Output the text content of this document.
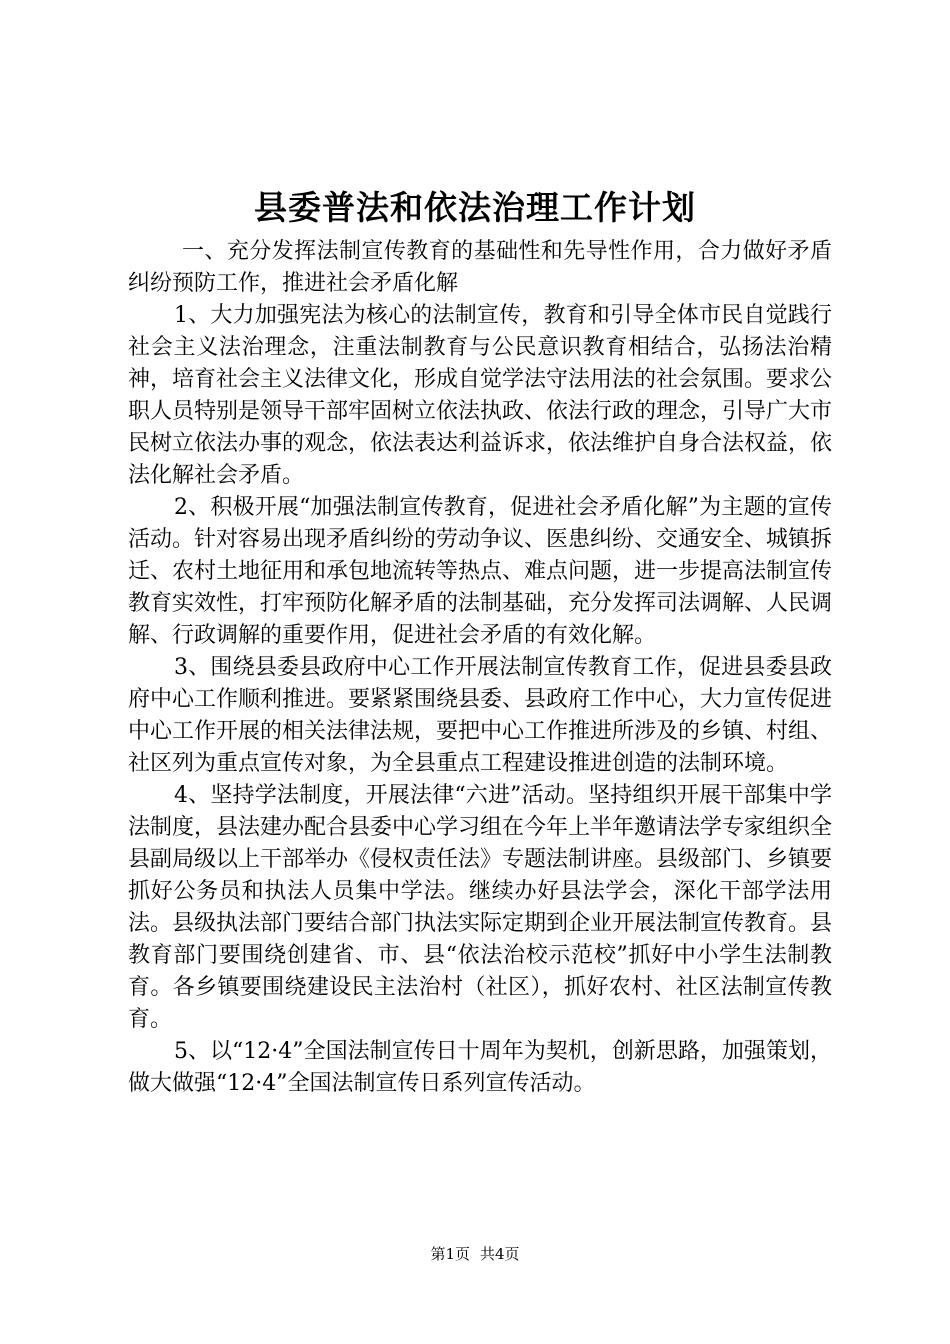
县委普法和依法治理工作计划

一、充分发挥法制宣传教育的基础性和先导性作用，合力做好矛盾纠纷预防工作，推进社会矛盾化解

1、大力加强宪法为核心的法制宣传，教育和引导全体市民自觉践行社会主义法治理念，注重法制教育与公民意识教育相结合，弘扬法治精神，培育社会主义法律文化，形成自觉学法守法用法的社会氛围。要求公职人员特别是领导干部牢固树立依法执政、依法行政的理念，引导广大市民树立依法办事的观念，依法表达利益诉求，依法维护自身合法权益，依法化解社会矛盾。

2、积极开展“加强法制宣传教育，促进社会矛盾化解”为主题的宣传活动。针对容易出现矛盾纠纷的劳动争议、医患纠纷、交通安全、城镇拆迁、农村土地征用和承包地流转等热点、难点问题，进一步提高法制宣传教育实效性，打牢预防化解矛盾的法制基础，充分发挥司法调解、人民调解、行政调解的重要作用，促进社会矛盾的有效化解。

3、围绕县委县政府中心工作开展法制宣传教育工作，促进县委县政府中心工作顺利推进。要紧紧围绕县委、县政府工作中心，大力宣传促进中心工作开展的相关法律法规，要把中心工作推进所涉及的乡镇、村组、社区列为重点宣传对象，为全县重点工程建设推进创造的法制环境。

4、坚持学法制度，开展法律“六进”活动。坚持组织开展干部集中学法制度，县法建办配合县委中心学习组在今年上半年邀请法学专家组织全县副局级以上干部举办《侵权责任法》专题法制讲座。县级部门、乡镇要抓好公务员和执法人员集中学法。继续办好县法学会，深化干部学法用法。县级执法部门要结合部门执法实际定期到企业开展法制宣传教育。县教育部门要围绕创建省、市、县“依法治校示范校”抓好中小学生法制教育。各乡镇要围绕建设民主法治村（社区），抓好农村、社区法制宣传教育。

5、以“12·4”全国法制宣传日十周年为契机，创新思路，加强策划，做大做强“12·4”全国法制宣传日系列宣传活动。

第1页 共4页
